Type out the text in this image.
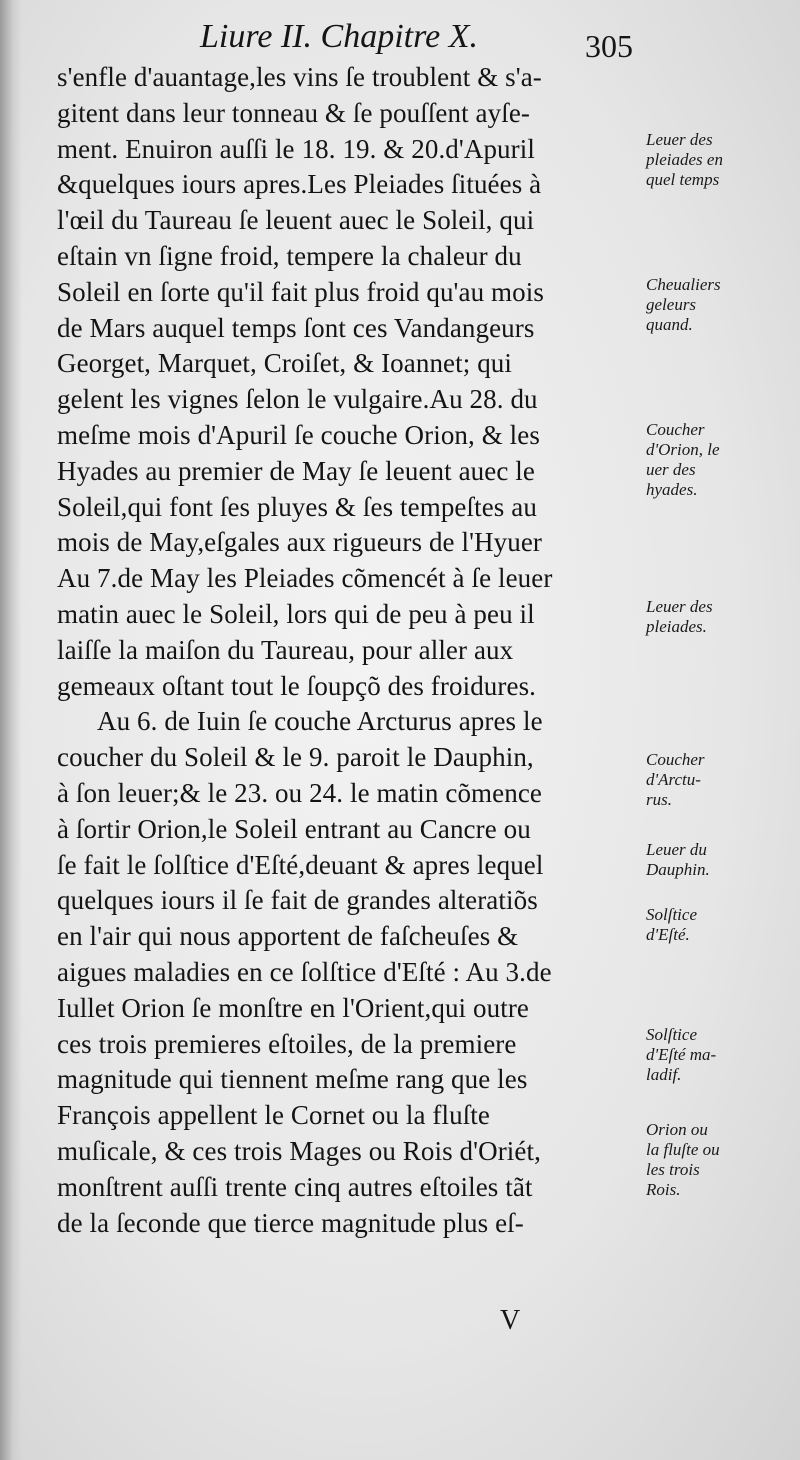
Liure II. Chapitre X.	305
s'enfle d'auantage,les vins ſe troublent & s'a-
gitent dans leur tonneau & ſe pouſſent ayſe-
ment. Enuiron auſſi le 18. 19. & 20.d'Apuril
&quelques iours apres.Les Pleiades ſituées à
l'œil du Taureau ſe leuent auec le Soleil, qui
eſtain vn ſigne froid, tempere la chaleur du
Soleil en ſorte qu'il fait plus froid qu'au mois
de Mars auquel temps ſont ces Vandangeurs
Georget, Marquet, Croiſet, & Ioannet; qui
gelent les vignes ſelon le vulgaire.Au 28. du
meſme mois d'Apuril ſe couche Orion, & les
Hyades au premier de May ſe leuent auec le
Soleil,qui font ſes pluyes & ſes tempeſtes au
mois de May,eſgales aux rigueurs de l'Hyuer
Au 7.de May les Pleiades cõmencét à ſe leuer
matin auec le Soleil, lors qui de peu à peu il
laiſſe la maiſon du Taureau, pour aller aux
gemeaux oſtant tout le ſoupçõ des froidures.
Au 6. de Iuin ſe couche Arcturus apres le
coucher du Soleil & le 9. paroit le Dauphin,
à ſon leuer;& le 23. ou 24. le matin cõmence
à ſortir Orion,le Soleil entrant au Cancre ou
ſe fait le ſolſtice d'Eſté,deuant & apres lequel
quelques iours il ſe fait de grandes alteratiõs
en l'air qui nous apportent de faſcheuſes &
aigues maladies en ce ſolſtice d'Eſté : Au 3.de
Iullet Orion ſe monſtre en l'Orient,qui outre
ces trois premieres eſtoiles, de la premiere
magnitude qui tiennent meſme rang que les
François appellent le Cornet ou la fluſte
muſicale, & ces trois Mages ou Rois d'Oriét,
monſtrent auſſi trente cinq autres eſtoiles tãt
de la ſeconde que tierce magnitude plus eſ-
Leuer des
pleiades en
quel temps
Cheualiers
geleurs
quand.
Coucher
d'Orion, le
uer des
hyades.
Leuer des
pleiades.
Coucher
d'Arctu-
rus.
Leuer du
Dauphin.
Solſtice
d'Eſté.
Solſtice
d'Eſté ma-
ladif.
Orion ou
la fluſte ou
les trois
Rois.
V
